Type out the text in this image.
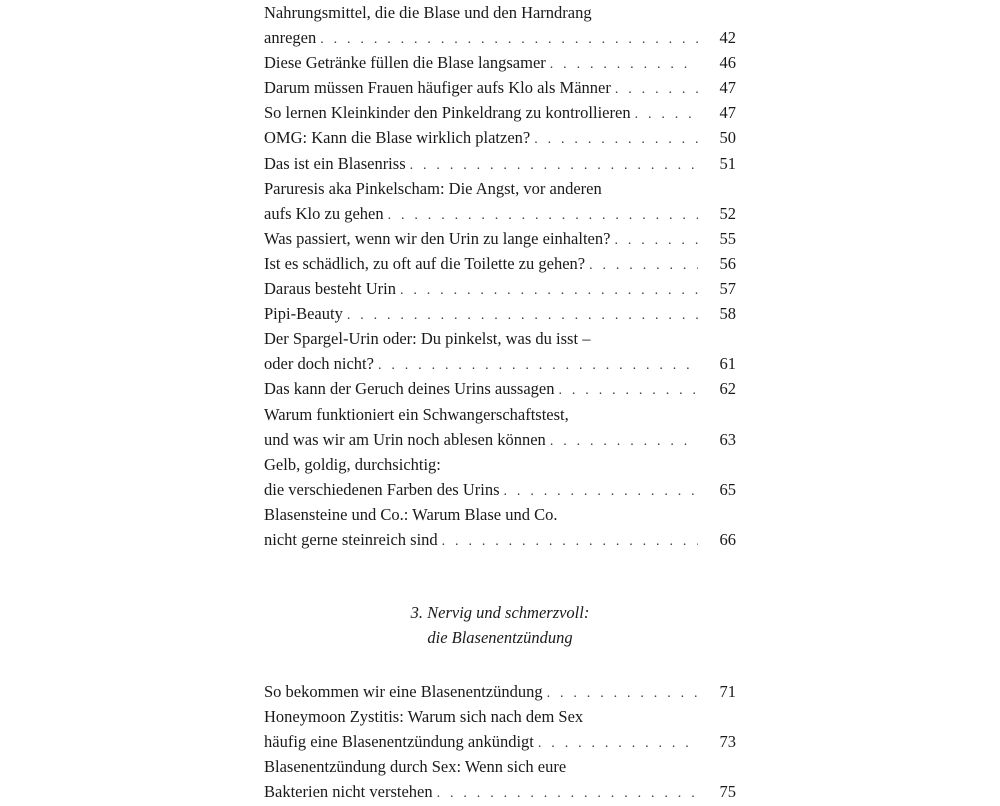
Nahrungsmittel, die die Blase und den Harndrang
anregen . . .	42
Diese Getränke füllen die Blase langsamer . . .	46
Darum müssen Frauen häufiger aufs Klo als Männer . . .	47
So lernen Kleinkinder den Pinkeldrang zu kontrollieren . . .	47
OMG: Kann die Blase wirklich platzen? . . .	50
Das ist ein Blasenriss . . .	51
Paruresis aka Pinkelscham: Die Angst, vor anderen
aufs Klo zu gehen . . .	52
Was passiert, wenn wir den Urin zu lange einhalten? . . .	55
Ist es schädlich, zu oft auf die Toilette zu gehen? . . .	56
Daraus besteht Urin . . .	57
Pipi-Beauty . . .	58
Der Spargel-Urin oder: Du pinkelst, was du isst –
oder doch nicht? . . .	61
Das kann der Geruch deines Urins aussagen . . .	62
Warum funktioniert ein Schwangerschaftstest,
und was wir am Urin noch ablesen können . . .	63
Gelb, goldig, durchsichtig:
die verschiedenen Farben des Urins . . .	65
Blasensteine und Co.: Warum Blase und Co.
nicht gerne steinreich sind . . .	66
3. Nervig und schmerzvoll:
die Blasenentzündung
So bekommen wir eine Blasenentzündung . . .	71
Honeymoon Zystitis: Warum sich nach dem Sex
häufig eine Blasenentzündung ankündigt . . .	73
Blasenentzündung durch Sex: Wenn sich eure
Bakterien nicht verstehen . . .	75
